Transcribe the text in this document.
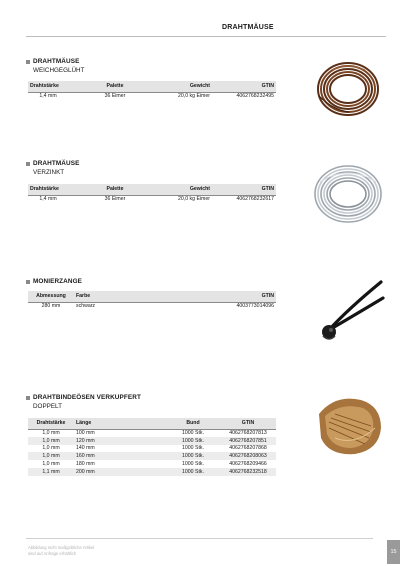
DRAHTMÄUSE
DRAHTMÄUSE
WEICHGEGLÜHT
Drahtstärke	Palette	Gewicht	GTIN
1,4 mm	36 Eimer	20,0 kg Eimer	4062768232495
DRAHTMÄUSE
VERZINKT
Drahtstärke	Palette	Gewicht	GTIN
1,4 mm	36 Eimer	20,0 kg Eimer	4062768232617
MONIERZANGE
Abmessung	Farbe	GTIN
280 mm	schwarz	4003773014096
DRAHTBINDEÖSEN VERKUPFERT
DOPPELT
Drahtstärke	Länge	Bund	GTIN
1,0 mm	100 mm	1000 Stk.	4062768207813
1,0 mm	120 mm	1000 Stk.	4062768207851
1,0 mm	140 mm	1000 Stk.	4062768207868
1,0 mm	160 mm	1000 Stk.	4062768208063
1,0 mm	180 mm	1000 Stk.	4062768209466
1,1 mm	200 mm	1000 Stk.	4062768232518
Abbildung nicht maßgebliche Artikel
sind auf Anfrage erhältlich	15
